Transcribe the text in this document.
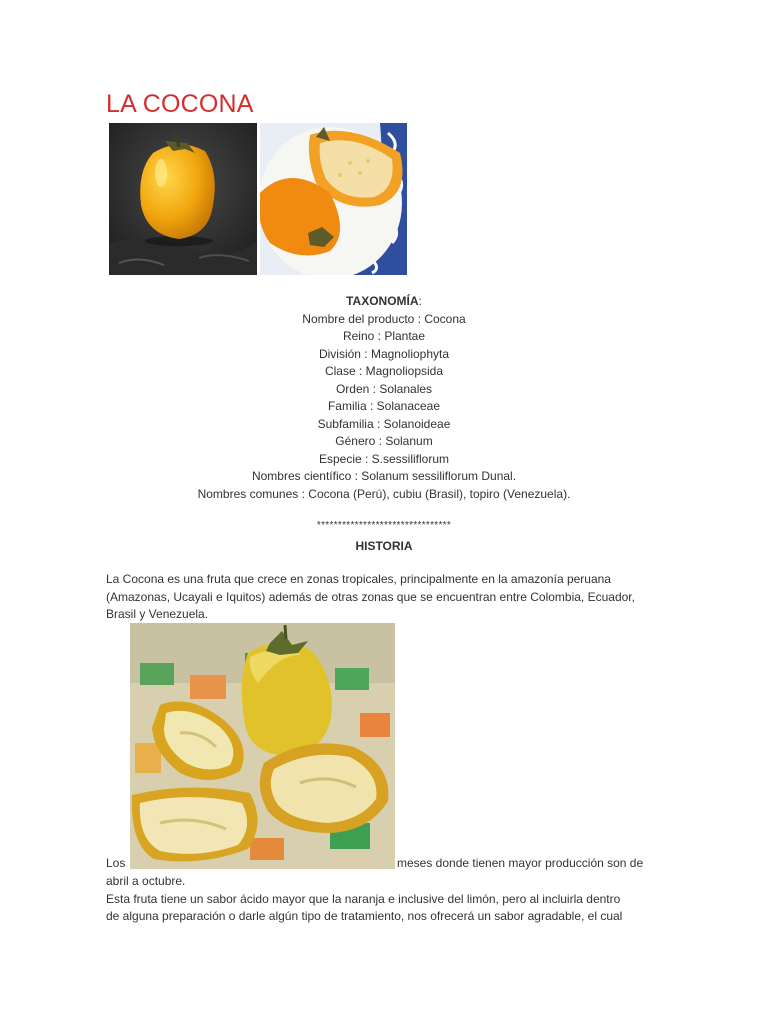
LA COCONA
TAXONOMÍA:
Nombre del producto : Cocona
Reino : Plantae
División : Magnoliophyta
Clase : Magnoliopsida
Orden : Solanales
Familia : Solanaceae
Subfamilia : Solanoideae
Género : Solanum
Especie : S.sessiliflorum
Nombres científico : Solanum sessiliflorum Dunal.
Nombres comunes : Cocona (Perú), cubiu (Brasil), topiro (Venezuela).
********************************
HISTORIA
La Cocona es una fruta que crece en zonas tropicales, principalmente en la amazonía peruana
(Amazonas, Ucayali e Iquitos) además de otras zonas que se encuentran entre Colombia, Ecuador,
Brasil y Venezuela.
Los	meses donde tienen mayor producción son de
abril a octubre.
Esta fruta tiene un sabor ácido mayor que la naranja e inclusive del limón, pero al incluirla dentro
de alguna preparación o darle algún tipo de tratamiento, nos ofrecerá un sabor agradable, el cual
